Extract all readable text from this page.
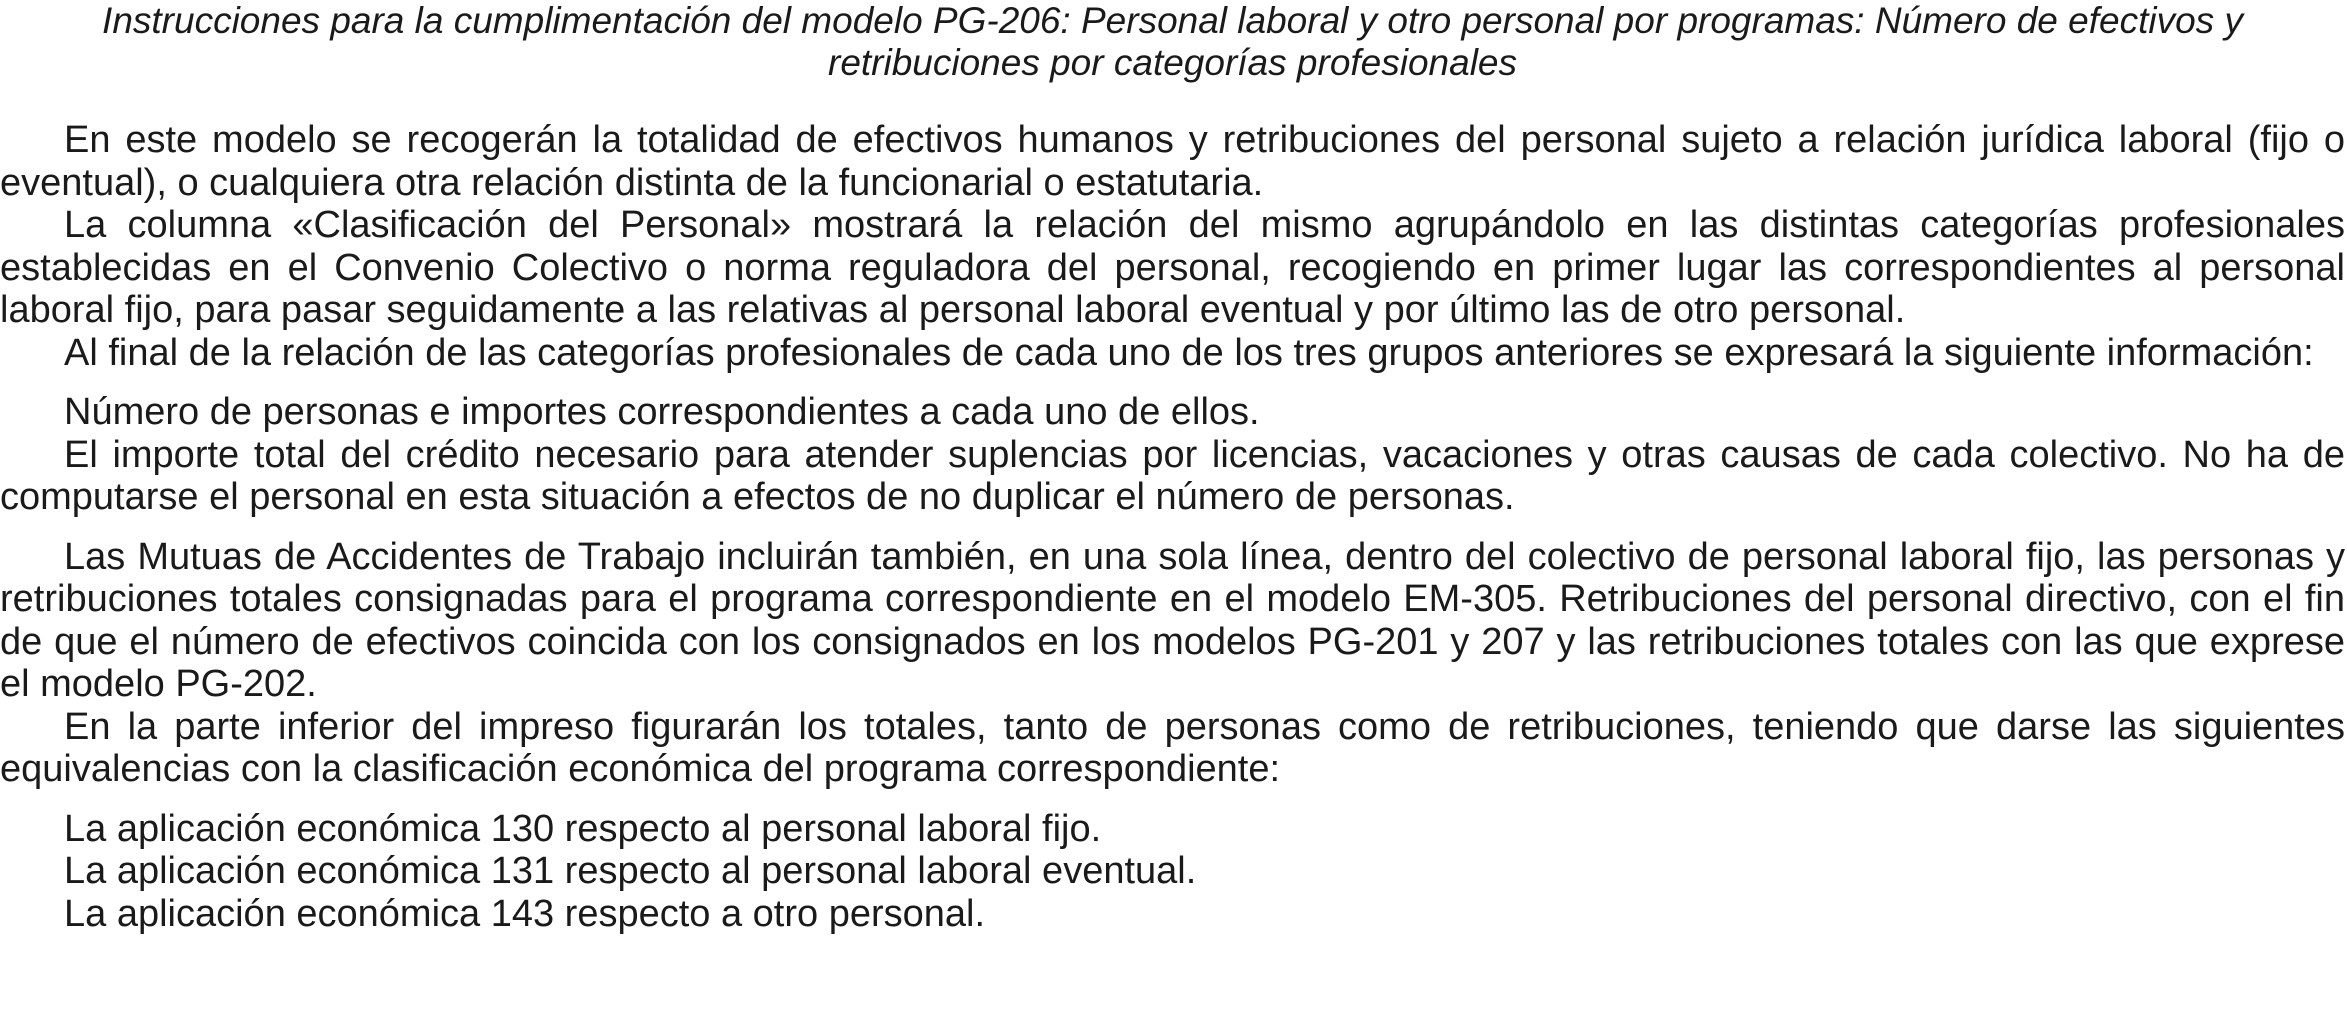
Instrucciones para la cumplimentación del modelo PG-206: Personal laboral y otro personal por programas: Número de efectivos y retribuciones por categorías profesionales

En este modelo se recogerán la totalidad de efectivos humanos y retribuciones del personal sujeto a relación jurídica laboral (fijo o eventual), o cualquiera otra relación distinta de la funcionarial o estatutaria.

La columna «Clasificación del Personal» mostrará la relación del mismo agrupándolo en las distintas categorías profesionales establecidas en el Convenio Colectivo o norma reguladora del personal, recogiendo en primer lugar las correspondientes al personal laboral fijo, para pasar seguidamente a las relativas al personal laboral eventual y por último las de otro personal.

Al final de la relación de las categorías profesionales de cada uno de los tres grupos anteriores se expresará la siguiente información:

Número de personas e importes correspondientes a cada uno de ellos.

El importe total del crédito necesario para atender suplencias por licencias, vacaciones y otras causas de cada colectivo. No ha de computarse el personal en esta situación a efectos de no duplicar el número de personas.

Las Mutuas de Accidentes de Trabajo incluirán también, en una sola línea, dentro del colectivo de personal laboral fijo, las personas y retribuciones totales consignadas para el programa correspondiente en el modelo EM-305. Retribuciones del personal directivo, con el fin de que el número de efectivos coincida con los consignados en los modelos PG-201 y 207 y las retribuciones totales con las que exprese el modelo PG-202.

En la parte inferior del impreso figurarán los totales, tanto de personas como de retribuciones, teniendo que darse las siguientes equivalencias con la clasificación económica del programa correspondiente:

La aplicación económica 130 respecto al personal laboral fijo.

La aplicación económica 131 respecto al personal laboral eventual.

La aplicación económica 143 respecto a otro personal.
